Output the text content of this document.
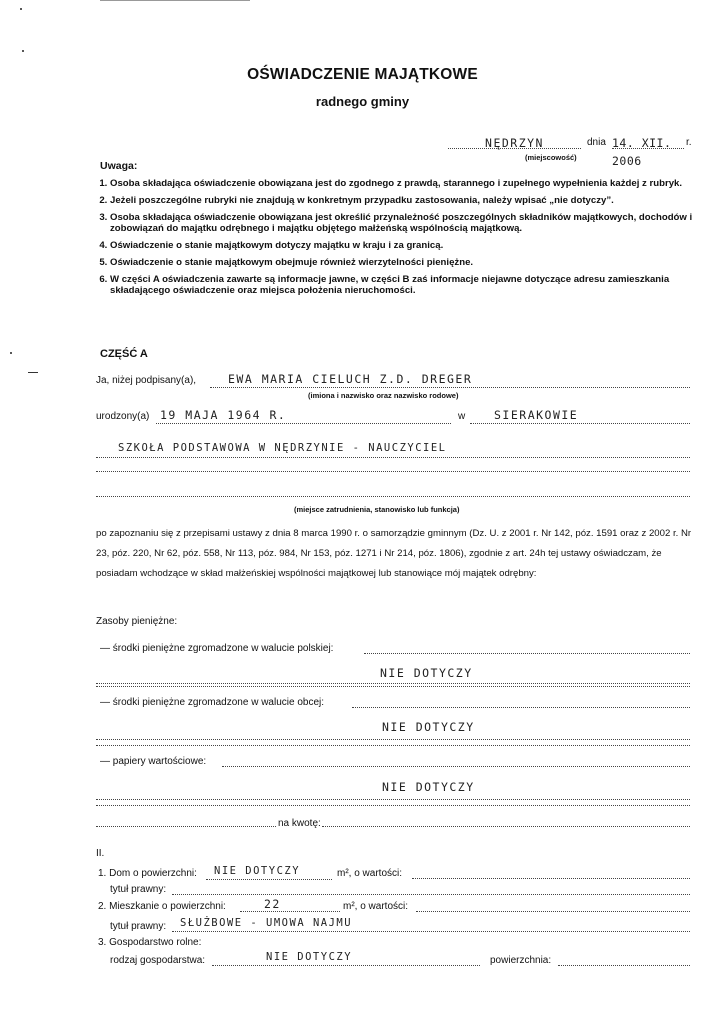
OŚWIADCZENIE MAJĄTKOWE
radnego gminy
NĘDRZYN	dnia 14. XII. 2006
r.
(miejscowość)
Uwaga:
1. Osoba składająca oświadczenie obowiązana jest do zgodnego z prawdą, starannego i zupełnego wypełnienia każdej z rubryk.
2. Jeżeli poszczególne rubryki nie znajdują w konkretnym przypadku zastosowania, należy wpisać „nie dotyczy”.
3. Osoba składająca oświadczenie obowiązana jest określić przynależność poszczególnych składników majątkowych, dochodów i zobowiązań do majątku odrębnego i majątku objętego małżeńską wspólnością majątkową.
4. Oświadczenie o stanie majątkowym dotyczy majątku w kraju i za granicą.
5. Oświadczenie o stanie majątkowym obejmuje również wierzytelności pieniężne.
6. W części A oświadczenia zawarte są informacje jawne, w części B zaś informacje niejawne dotyczące adresu zamieszkania składającego oświadczenie oraz miejsca położenia nieruchomości.
CZĘŚĆ A
Ja, niżej podpisany(a),	EWA MARIA CIELUCH Z.D. DREGER
(imiona i nazwisko oraz nazwisko rodowe)
urodzony(a) 19 MAJA 1964 R.	w	SIERAKOWIE
SZKOŁA PODSTAWOWA W NĘDRZYNIE - NAUCZYCIEL
(miejsce zatrudnienia, stanowisko lub funkcja)
po zapoznaniu się z przepisami ustawy z dnia 8 marca 1990 r. o samorządzie gminnym (Dz. U. z 2001 r. Nr 142, póz. 1591 oraz z 2002 r. Nr 23, póz. 220, Nr 62, póz. 558, Nr 113, póz. 984, Nr 153, póz. 1271 i Nr 214, póz. 1806), zgodnie z art. 24h tej ustawy oświadczam, że posiadam wchodzące w skład małżeńskiej wspólności majątkowej lub stanowiące mój majątek odrębny:
Zasoby pieniężne:
— środki pieniężne zgromadzone w walucie polskiej:
NIE DOTYCZY
— środki pieniężne zgromadzone w walucie obcej:
NIE DOTYCZY
— papiery wartościowe:
NIE DOTYCZY
na kwotę:
II.
1. Dom o powierzchni: NIE DOTYCZY	m², o wartości:
tytuł prawny:
2. Mieszkanie o powierzchni:	22	m², o wartości:
tytuł prawny: SŁUŻBOWE - UMOWA NAJMU
3. Gospodarstwo rolne:
rodzaj gospodarstwa:	NIE DOTYCZY	powierzchnia:
